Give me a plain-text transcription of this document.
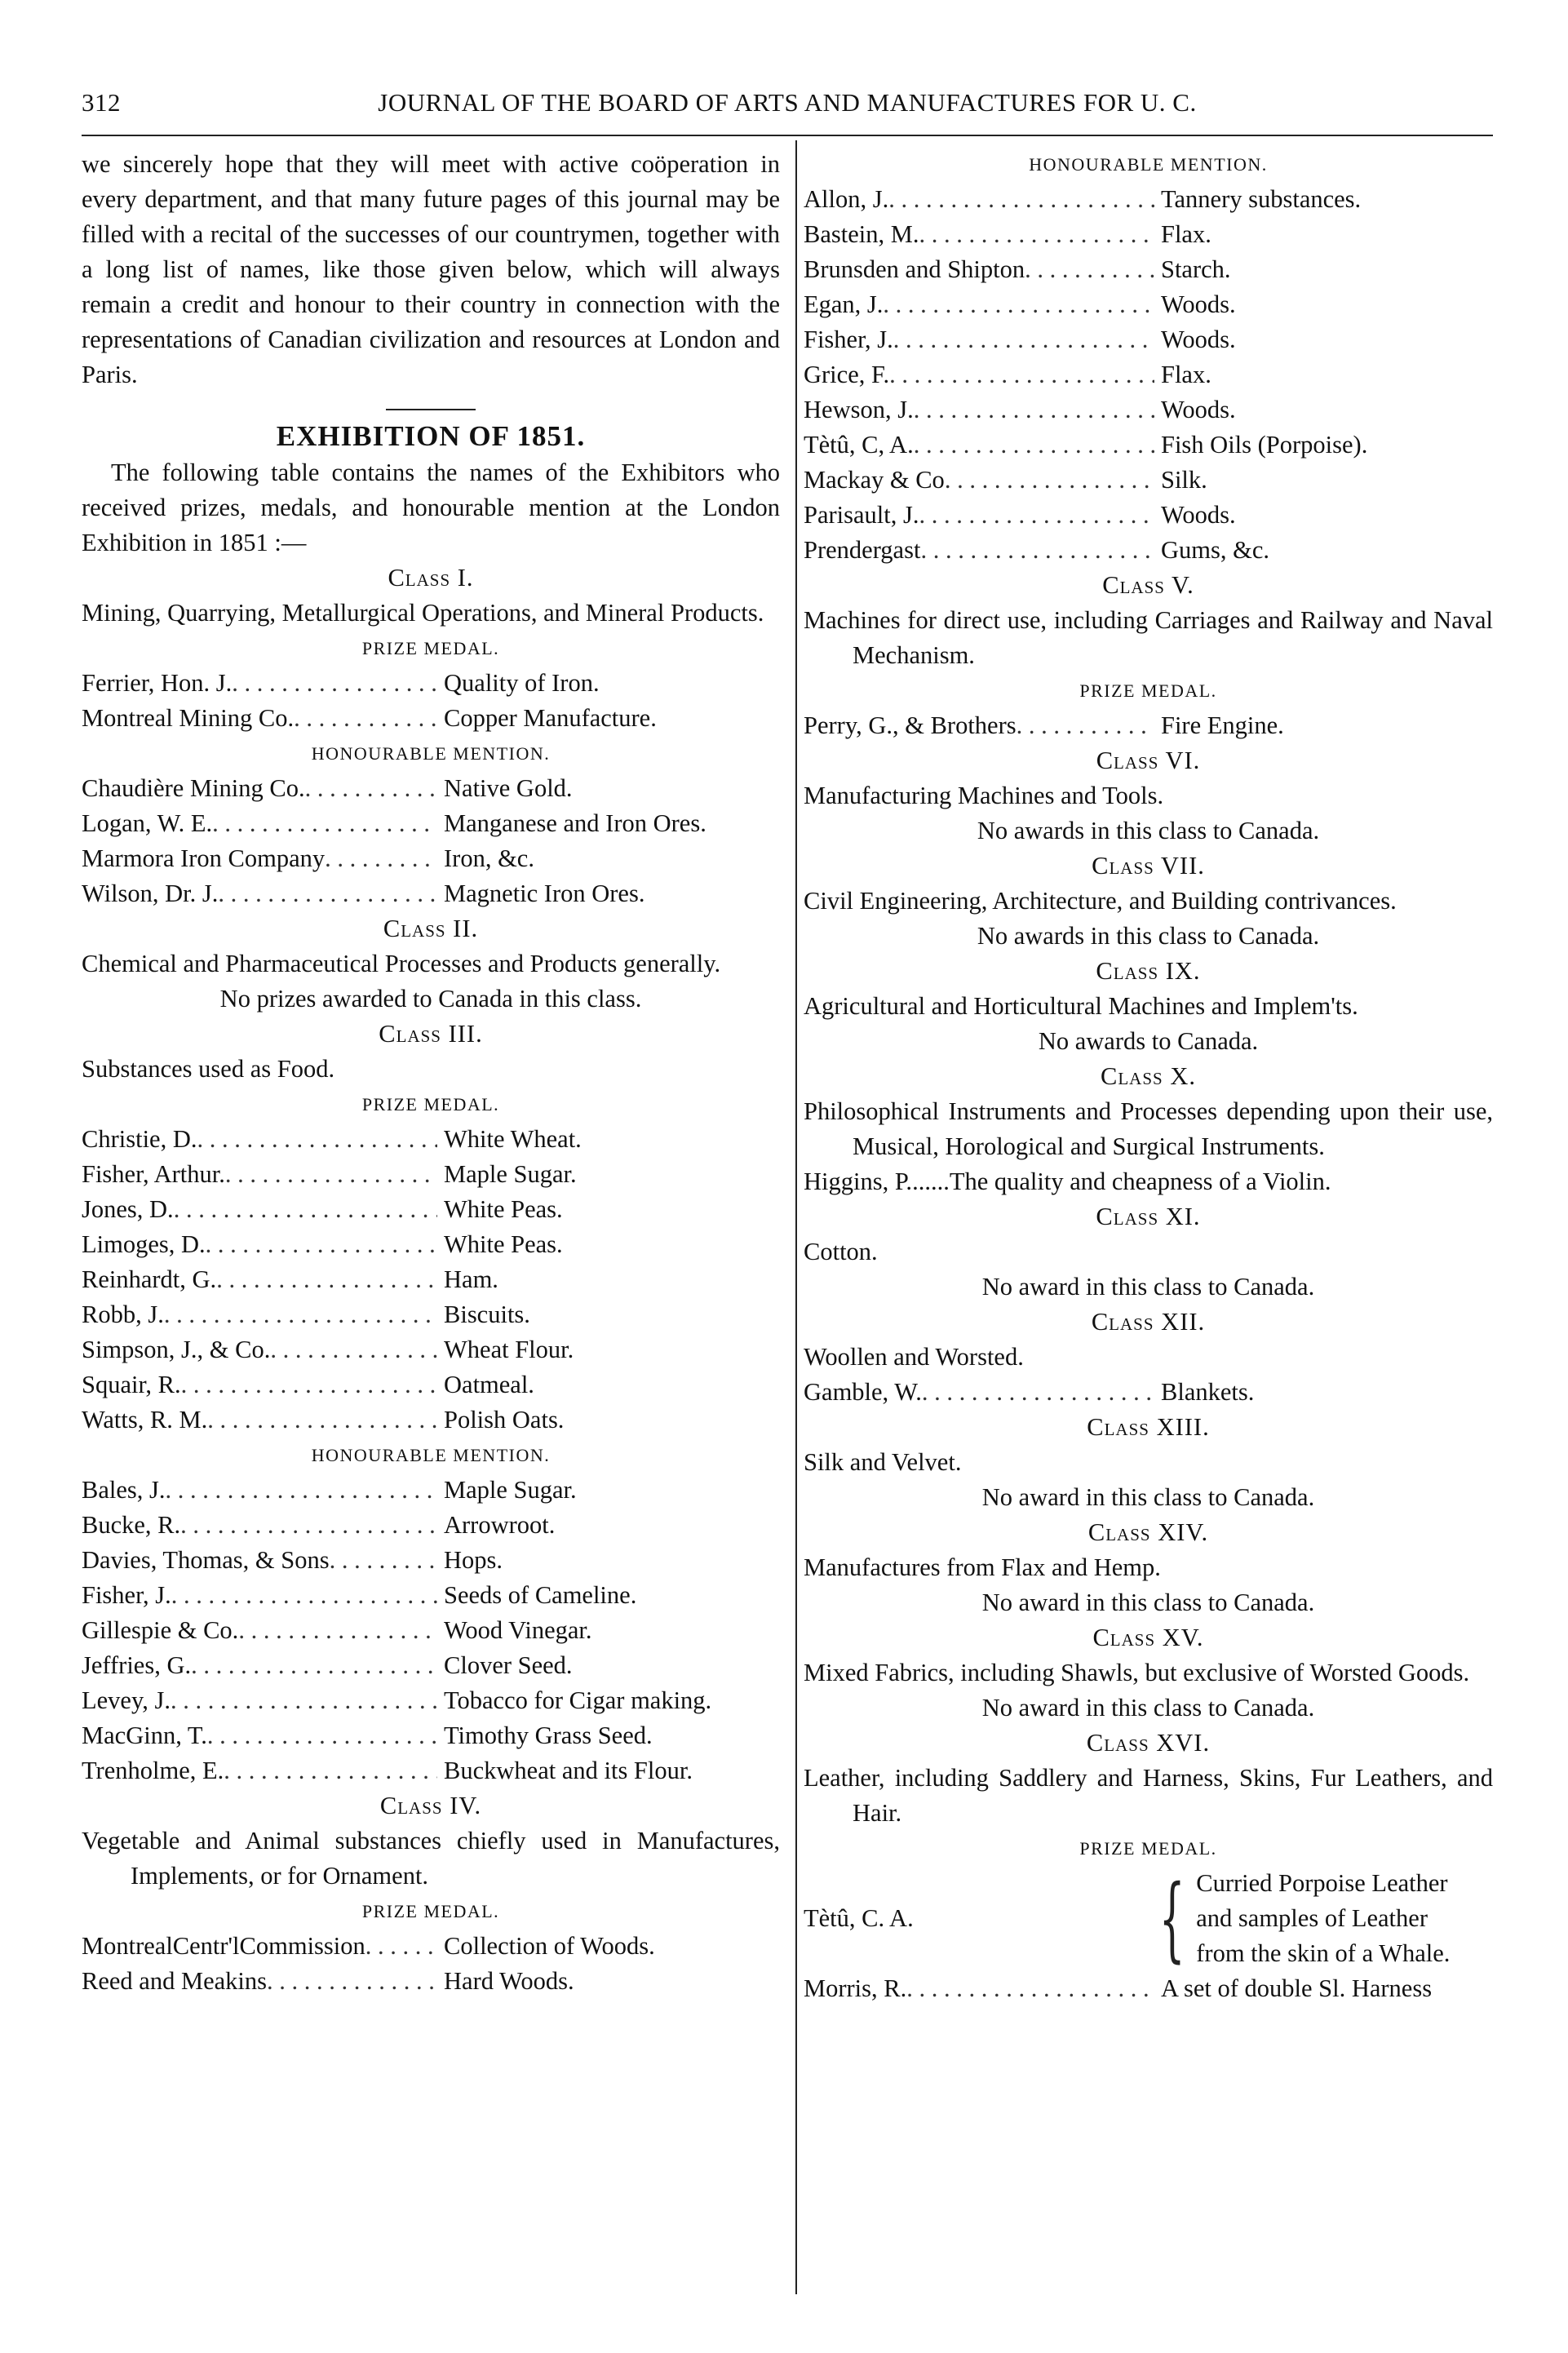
312	JOURNAL OF THE BOARD OF ARTS AND MANUFACTURES FOR U. C.

we sincerely hope that they will meet with active coöperation in every department, and that many future pages of this journal may be filled with a recital of the successes of our countrymen, together with a long list of names, like those given below, which will always remain a credit and honour to their country in connection with the representations of Canadian civilization and resources at London and Paris.

EXHIBITION OF 1851.

The following table contains the names of the Exhibitors who received prizes, medals, and honourable mention at the London Exhibition in 1851 :—

Class I.

Mining, Quarrying, Metallurgical Operations, and Mineral Products.

PRIZE MEDAL.

Ferrier, Hon. J. . . .	Quality of Iron.
Montreal Mining Co. . . .	Copper Manufacture.

HONOURABLE MENTION.

Chaudière Mining Co. . . .	Native Gold.
Logan, W. E. . . .	Manganese and Iron Ores.
Marmora Iron Company . . .	Iron, &c.
Wilson, Dr. J. . . .	Magnetic Iron Ores.

Class II.

Chemical and Pharmaceutical Processes and Products generally.

No prizes awarded to Canada in this class.

Class III.

Substances used as Food.

PRIZE MEDAL.

Christie, D. . . .	White Wheat.
Fisher, Arthur. . . .	Maple Sugar.
Jones, D. . . .	White Peas.
Limoges, D. . . .	White Peas.
Reinhardt, G. . . .	Ham.
Robb, J. . . .	Biscuits.
Simpson, J., & Co. . . .	Wheat Flour.
Squair, R. . . .	Oatmeal.
Watts, R. M. . . .	Polish Oats.

HONOURABLE MENTION.

Bales, J. . . .	Maple Sugar.
Bucke, R. . . .	Arrowroot.
Davies, Thomas, & Sons . . .	Hops.
Fisher, J. . . .	Seeds of Cameline.
Gillespie & Co. . . .	Wood Vinegar.
Jeffries, G. . . .	Clover Seed.
Levey, J. . . .	Tobacco for Cigar making.
MacGinn, T. . . .	Timothy Grass Seed.
Trenholme, E. . . .	Buckwheat and its Flour.

Class IV.

Vegetable and Animal substances chiefly used in Manufactures, Implements, or for Ornament.

PRIZE MEDAL.

MontrealCentr'lCommission . . .	Collection of Woods.
Reed and Meakins . . .	Hard Woods.

HONOURABLE MENTION.

Allon, J. . . .	Tannery substances.
Bastein, M. . . .	Flax.
Brunsden and Shipton . . .	Starch.
Egan, J. . . .	Woods.
Fisher, J. . . .	Woods.
Grice, F. . . .	Flax.
Hewson, J. . . .	Woods.
Tètû, C, A. . . .	Fish Oils (Porpoise).
Mackay & Co . . .	Silk.
Parisault, J. . . .	Woods.
Prendergast . . .	Gums, &c.

Class V.

Machines for direct use, including Carriages and Railway and Naval Mechanism.

PRIZE MEDAL.

Perry, G., & Brothers . . .	Fire Engine.

Class VI.

Manufacturing Machines and Tools.

No awards in this class to Canada.

Class VII.

Civil Engineering, Architecture, and Building contrivances.

No awards in this class to Canada.

Class IX.

Agricultural and Horticultural Machines and Implem'ts.

No awards to Canada.

Class X.

Philosophical Instruments and Processes depending upon their use, Musical, Horological and Surgical Instruments.

Higgins, P. ...... The quality and cheapness of a Violin.

Class XI.

Cotton.

No award in this class to Canada.

Class XII.

Woollen and Worsted.

Gamble, W. . . .	Blankets.

Class XIII.

Silk and Velvet.

No award in this class to Canada.

Class XIV.

Manufactures from Flax and Hemp.

No award in this class to Canada.

Class XV.

Mixed Fabrics, including Shawls, but exclusive of Worsted Goods.

No award in this class to Canada.

Class XVI.

Leather, including Saddlery and Harness, Skins, Fur Leathers, and Hair.

PRIZE MEDAL.

Tètû, C. A.	{ Curried Porpoise Leather
and samples of Leather
from the skin of a Whale.
Morris, R. . . .	A set of double Sl. Harness
